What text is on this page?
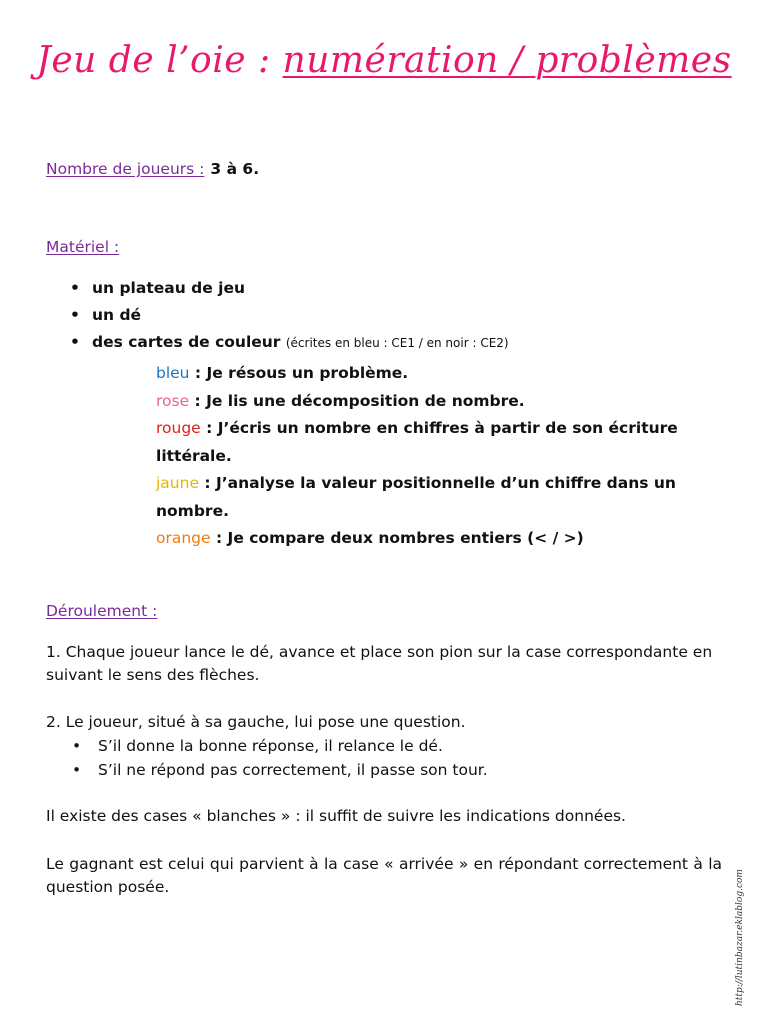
Jeu de l’oie : numération / problèmes
Nombre de joueurs : 3 à 6.
Matériel :
• un plateau de jeu
• un dé
• des cartes de couleur (écrites en bleu : CE1 / en noir : CE2)
bleu : Je résous un problème.
rose : Je lis une décomposition de nombre.
rouge : J’écris un nombre en chiffres à partir de son écriture littérale.
jaune : J’analyse la valeur positionnelle d’un chiffre dans un nombre.
orange : Je compare deux nombres entiers (< / >)
Déroulement :
1. Chaque joueur lance le dé, avance et place son pion sur la case correspondante en suivant le sens des flèches.
2. Le joueur, situé à sa gauche, lui pose une question.
• S’il donne la bonne réponse, il relance le dé.
• S’il ne répond pas correctement, il passe son tour.
Il existe des cases « blanches » : il suffit de suivre les indications données.
Le gagnant est celui qui parvient à la case « arrivée » en répondant correctement à la question posée.	http://lutinbazar.eklablog.com
